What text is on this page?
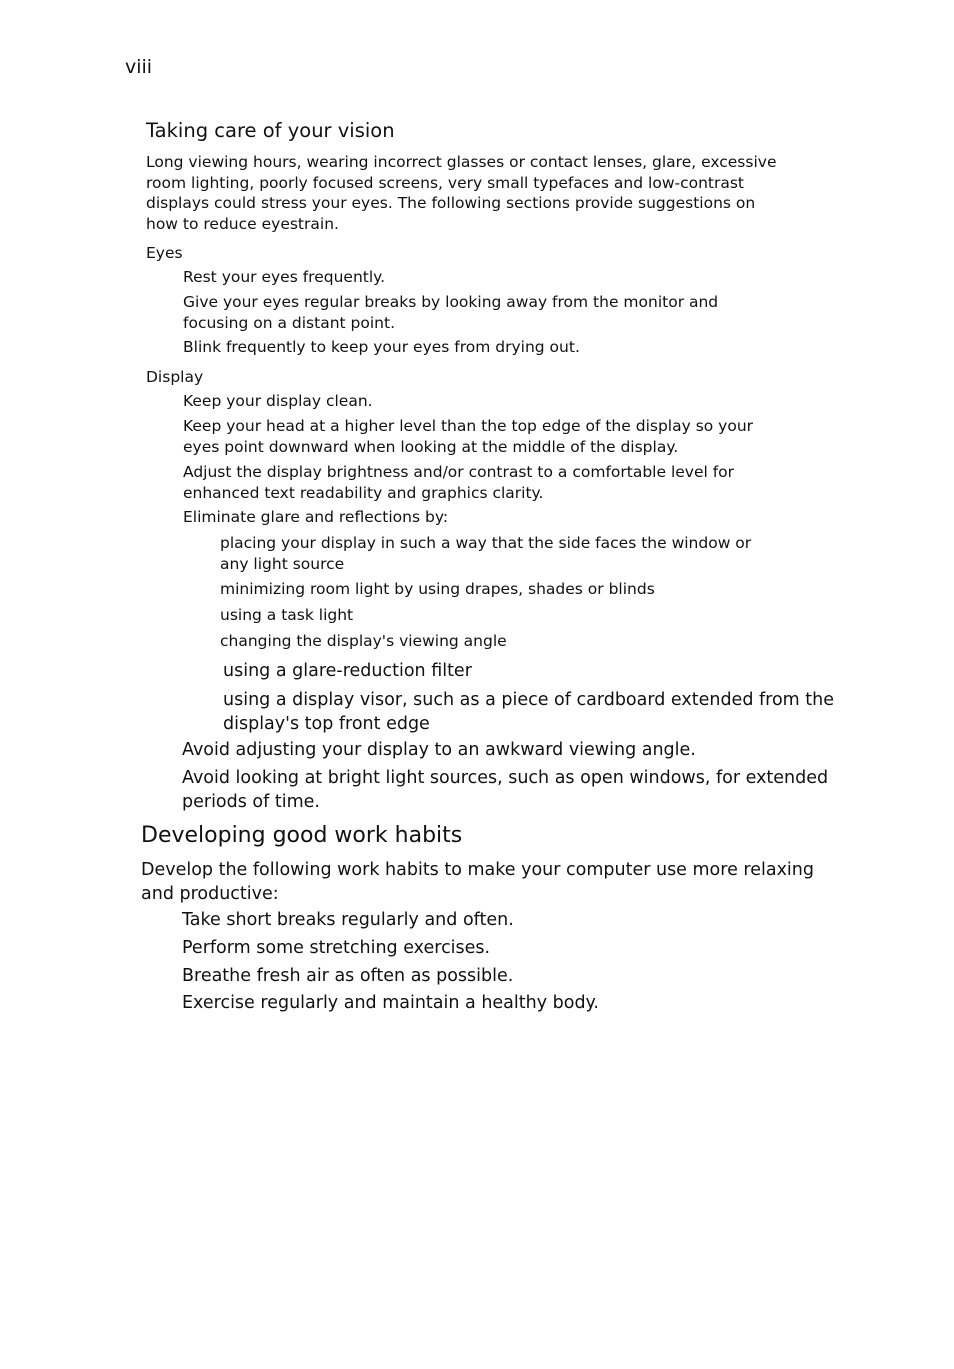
viii
Taking care of your vision
Long viewing hours, wearing incorrect glasses or contact lenses, glare, excessive
room lighting, poorly focused screens, very small typefaces and low-contrast
displays could stress your eyes. The following sections provide suggestions on
how to reduce eyestrain.
Eyes
Rest your eyes frequently.
Give your eyes regular breaks by looking away from the monitor and
focusing on a distant point.
Blink frequently to keep your eyes from drying out.
Display
Keep your display clean.
Keep your head at a higher level than the top edge of the display so your
eyes point downward when looking at the middle of the display.
Adjust the display brightness and/or contrast to a comfortable level for
enhanced text readability and graphics clarity.
Eliminate glare and reflections by:
placing your display in such a way that the side faces the window or
any light source
minimizing room light by using drapes, shades or blinds
using a task light
changing the display's viewing angle
using a glare-reduction filter
using a display visor, such as a piece of cardboard extended from the
display's top front edge
Avoid adjusting your display to an awkward viewing angle.
Avoid looking at bright light sources, such as open windows, for extended
periods of time.
Developing good work habits
Develop the following work habits to make your computer use more relaxing
and productive:
Take short breaks regularly and often.
Perform some stretching exercises.
Breathe fresh air as often as possible.
Exercise regularly and maintain a healthy body.
